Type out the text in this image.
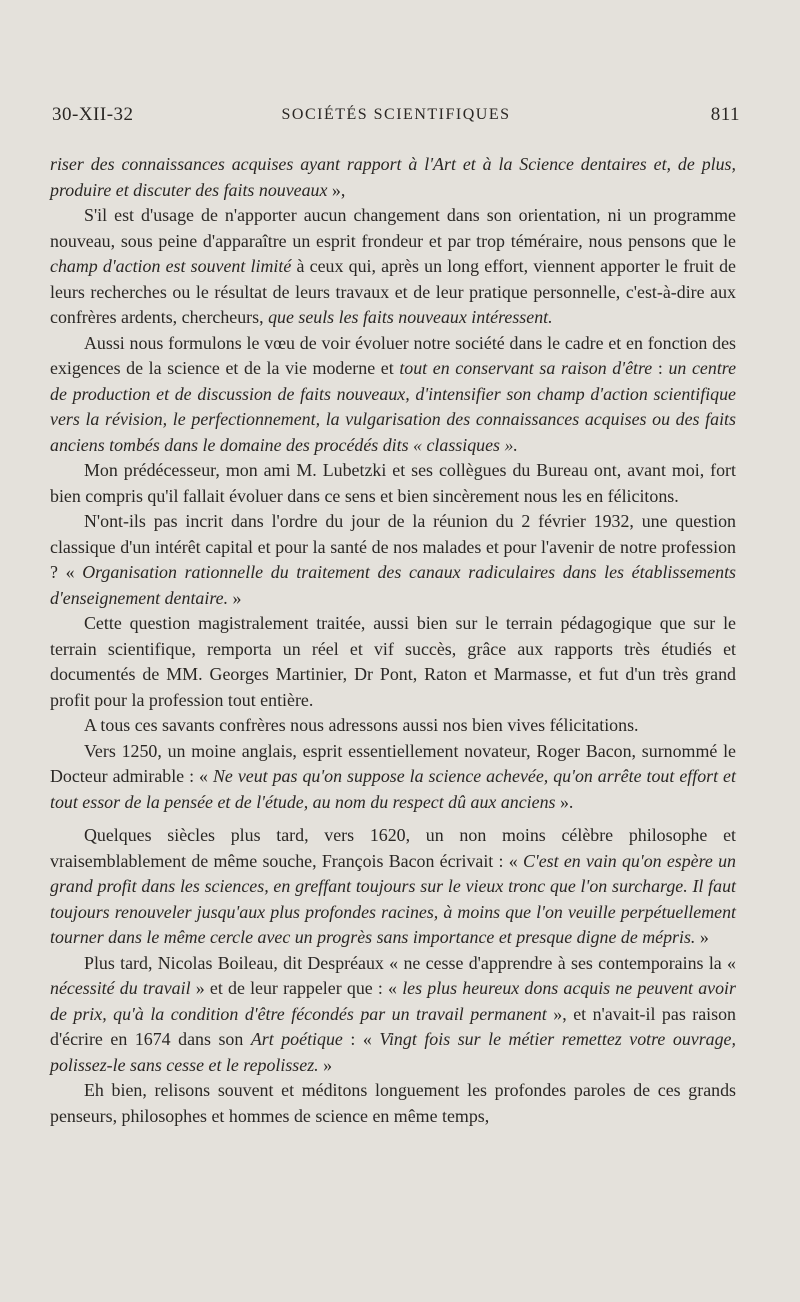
30-XII-32	SOCIÉTÉS SCIENTIFIQUES	811

riser des connaissances acquises ayant rapport à l'Art et à la Science dentaires et, de plus, produire et discuter des faits nouveaux »,

S'il est d'usage de n'apporter aucun changement dans son orientation, ni un programme nouveau, sous peine d'apparaître un esprit frondeur et par trop téméraire, nous pensons que le champ d'action est souvent limité à ceux qui, après un long effort, viennent apporter le fruit de leurs recherches ou le résultat de leurs travaux et de leur pratique personnelle, c'est-à-dire aux confrères ardents, chercheurs, que seuls les faits nouveaux intéressent.

Aussi nous formulons le vœu de voir évoluer notre société dans le cadre et en fonction des exigences de la science et de la vie moderne et tout en conservant sa raison d'être : un centre de production et de discussion de faits nouveaux, d'intensifier son champ d'action scientifique vers la révision, le perfectionnement, la vulgarisation des connaissances acquises ou des faits anciens tombés dans le domaine des procédés dits « classiques ».

Mon prédécesseur, mon ami M. Lubetzki et ses collègues du Bureau ont, avant moi, fort bien compris qu'il fallait évoluer dans ce sens et bien sincèrement nous les en félicitons.

N'ont-ils pas incrit dans l'ordre du jour de la réunion du 2 février 1932, une question classique d'un intérêt capital et pour la santé de nos malades et pour l'avenir de notre profession ? « Organisation rationnelle du traitement des canaux radiculaires dans les établissements d'enseignement dentaire. »

Cette question magistralement traitée, aussi bien sur le terrain pédagogique que sur le terrain scientifique, remporta un réel et vif succès, grâce aux rapports très étudiés et documentés de MM. Georges Martinier, Dr Pont, Raton et Marmasse, et fut d'un très grand profit pour la profession tout entière.

A tous ces savants confrères nous adressons aussi nos bien vives félicitations.

Vers 1250, un moine anglais, esprit essentiellement novateur, Roger Bacon, surnommé le Docteur admirable : « Ne veut pas qu'on suppose la science achevée, qu'on arrête tout effort et tout essor de la pensée et de l'étude, au nom du respect dû aux anciens ».

Quelques siècles plus tard, vers 1620, un non moins célèbre philosophe et vraisemblablement de même souche, François Bacon écrivait : « C'est en vain qu'on espère un grand profit dans les sciences, en greffant toujours sur le vieux tronc que l'on surcharge. Il faut toujours renouveler jusqu'aux plus profondes racines, à moins que l'on veuille perpétuellement tourner dans le même cercle avec un progrès sans importance et presque digne de mépris. »

Plus tard, Nicolas Boileau, dit Despréaux « ne cesse d'apprendre à ses contemporains la « nécessité du travail » et de leur rappeler que : « les plus heureux dons acquis ne peuvent avoir de prix, qu'à la condition d'être fécondés par un travail permanent », et n'avait-il pas raison d'écrire en 1674 dans son Art poétique : « Vingt fois sur le métier remettez votre ouvrage, polissez-le sans cesse et le repolissez. »

Eh bien, relisons souvent et méditons longuement les profondes paroles de ces grands penseurs, philosophes et hommes de science en même temps,
